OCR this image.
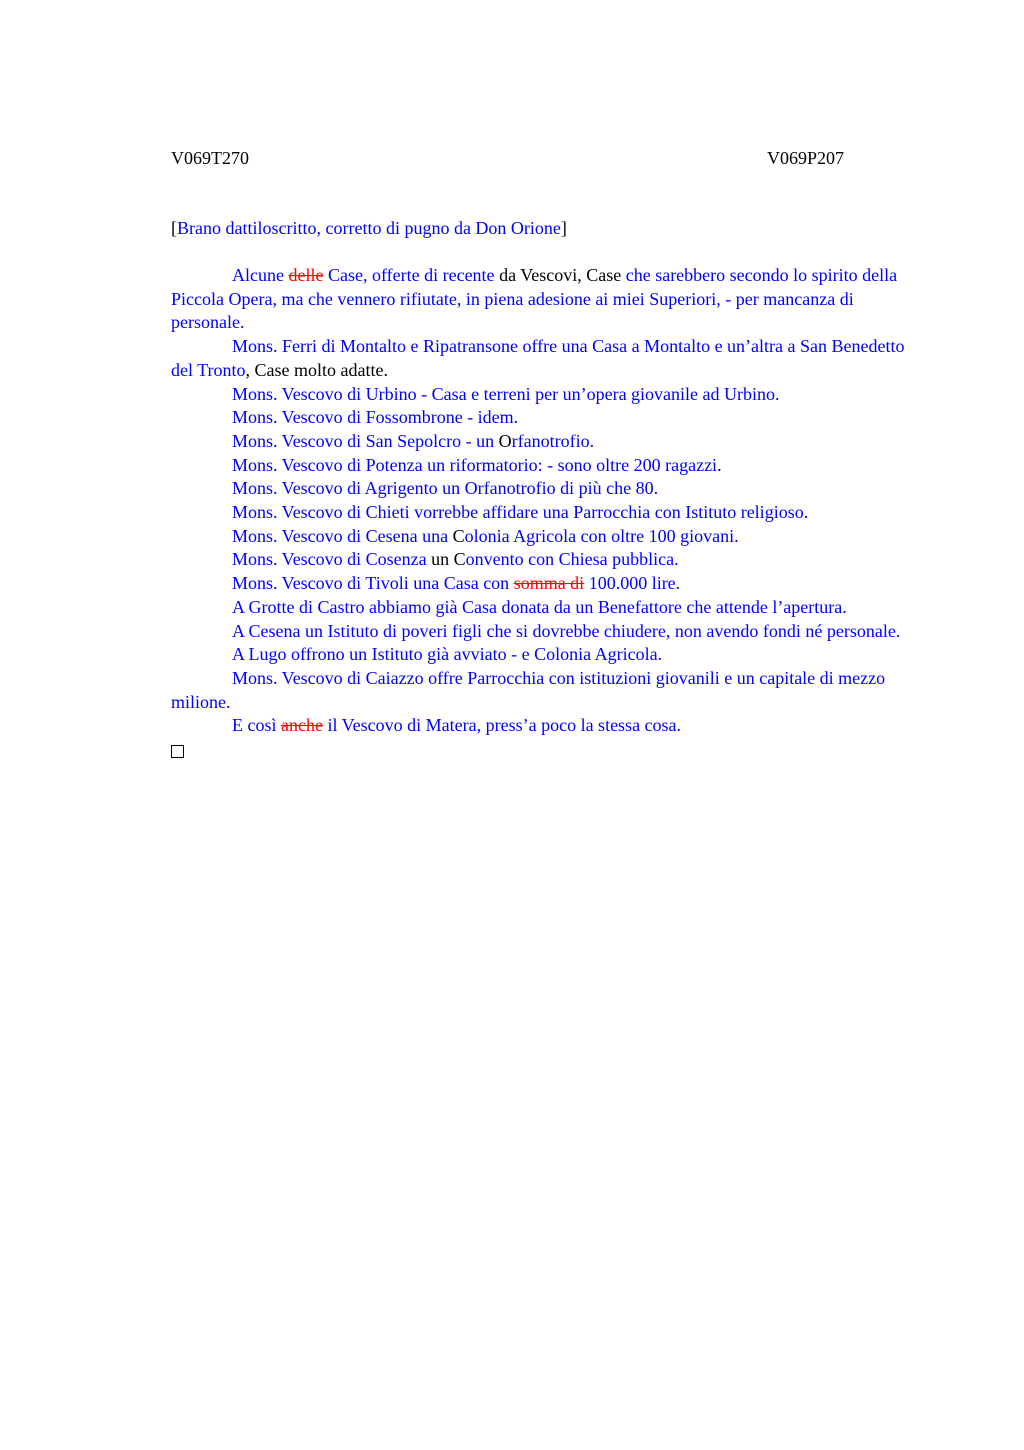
V069T270	V069P207
[Brano dattiloscritto, corretto di pugno da Don Orione]

Alcune delle Case, offerte di recente da Vescovi, Case che sarebbero secondo lo spirito della Piccola Opera, ma che vennero rifiutate, in piena adesione ai miei Superiori, - per mancanza di personale.

Mons. Ferri di Montalto e Ripatransone offre una Casa a Montalto e un’altra a San Benedetto del Tronto, Case molto adatte.

Mons. Vescovo di Urbino - Casa e terreni per un’opera giovanile ad Urbino.

Mons. Vescovo di Fossombrone - idem.

Mons. Vescovo di San Sepolcro - un Orfanotrofio.

Mons. Vescovo di Potenza un riformatorio: - sono oltre 200 ragazzi.

Mons. Vescovo di Agrigento un Orfanotrofio di più che 80.

Mons. Vescovo di Chieti vorrebbe affidare una Parrocchia con Istituto religioso.

Mons. Vescovo di Cesena una Colonia Agricola con oltre 100 giovani.

Mons. Vescovo di Cosenza un Convento con Chiesa pubblica.

Mons. Vescovo di Tivoli una Casa con somma di 100.000 lire.

A Grotte di Castro abbiamo già Casa donata da un Benefattore che attende l’apertura.

A Cesena un Istituto di poveri figli che si dovrebbe chiudere, non avendo fondi né personale.

A Lugo offrono un Istituto già avviato - e Colonia Agricola.

Mons. Vescovo di Caiazzo offre Parrocchia con istituzioni giovanili e un capitale di mezzo milione.

E così anche il Vescovo di Matera, press’a poco la stessa cosa.
